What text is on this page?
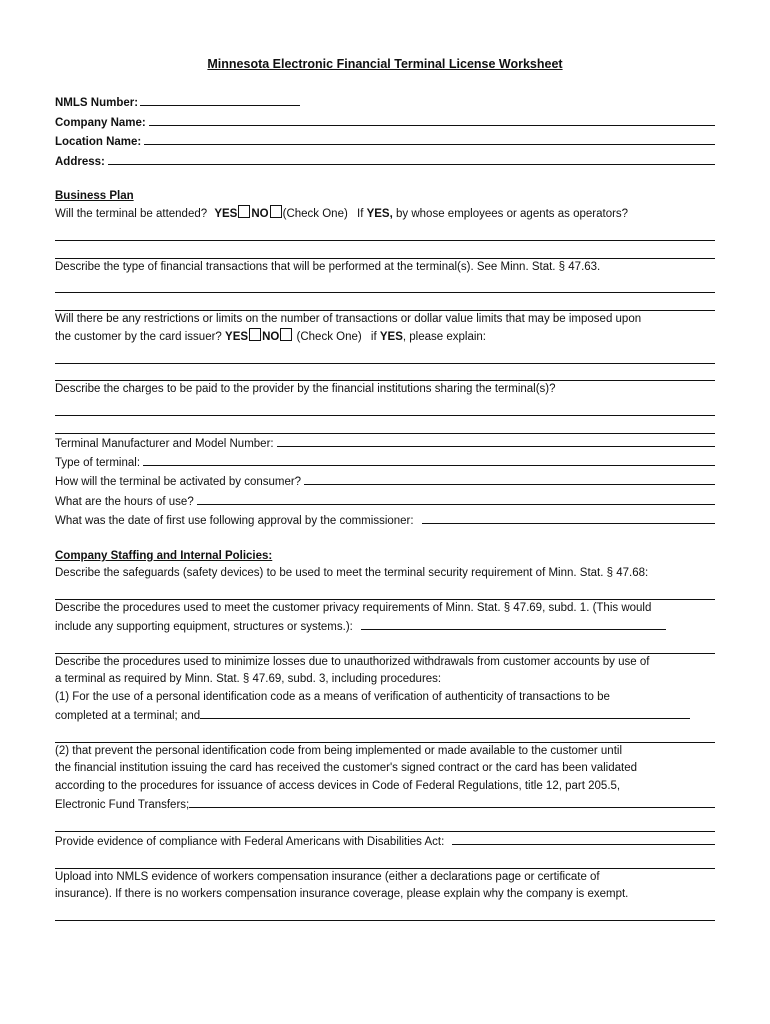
Minnesota Electronic Financial Terminal License Worksheet
NMLS Number:
Company Name:
Location Name:
Address:
Business Plan
Will the terminal be attended? YES NO (Check One) If YES, by whose employees or agents as operators?
Describe the type of financial transactions that will be performed at the terminal(s). See Minn. Stat. § 47.63.
Will there be any restrictions or limits on the number of transactions or dollar value limits that may be imposed upon
the customer by the card issuer? YES NO (Check One) if YES, please explain:
Describe the charges to be paid to the provider by the financial institutions sharing the terminal(s)?
Terminal Manufacturer and Model Number:
Type of terminal:
How will the terminal be activated by consumer?
What are the hours of use?
What was the date of first use following approval by the commissioner:
Company Staffing and Internal Policies:
Describe the safeguards (safety devices) to be used to meet the terminal security requirement of Minn. Stat. § 47.68:
Describe the procedures used to meet the customer privacy requirements of Minn. Stat. § 47.69, subd. 1. (This would
include any supporting equipment, structures or systems.):
Describe the procedures used to minimize losses due to unauthorized withdrawals from customer accounts by use of
a terminal as required by Minn. Stat. § 47.69, subd. 3, including procedures:
(1) For the use of a personal identification code as a means of verification of authenticity of transactions to be
completed at a terminal; and
(2) that prevent the personal identification code from being implemented or made available to the customer until
the financial institution issuing the card has received the customer's signed contract or the card has been validated
according to the procedures for issuance of access devices in Code of Federal Regulations, title 12, part 205.5,
Electronic Fund Transfers;
Provide evidence of compliance with Federal Americans with Disabilities Act:
Upload into NMLS evidence of workers compensation insurance (either a declarations page or certificate of
insurance). If there is no workers compensation insurance coverage, please explain why the company is exempt.
